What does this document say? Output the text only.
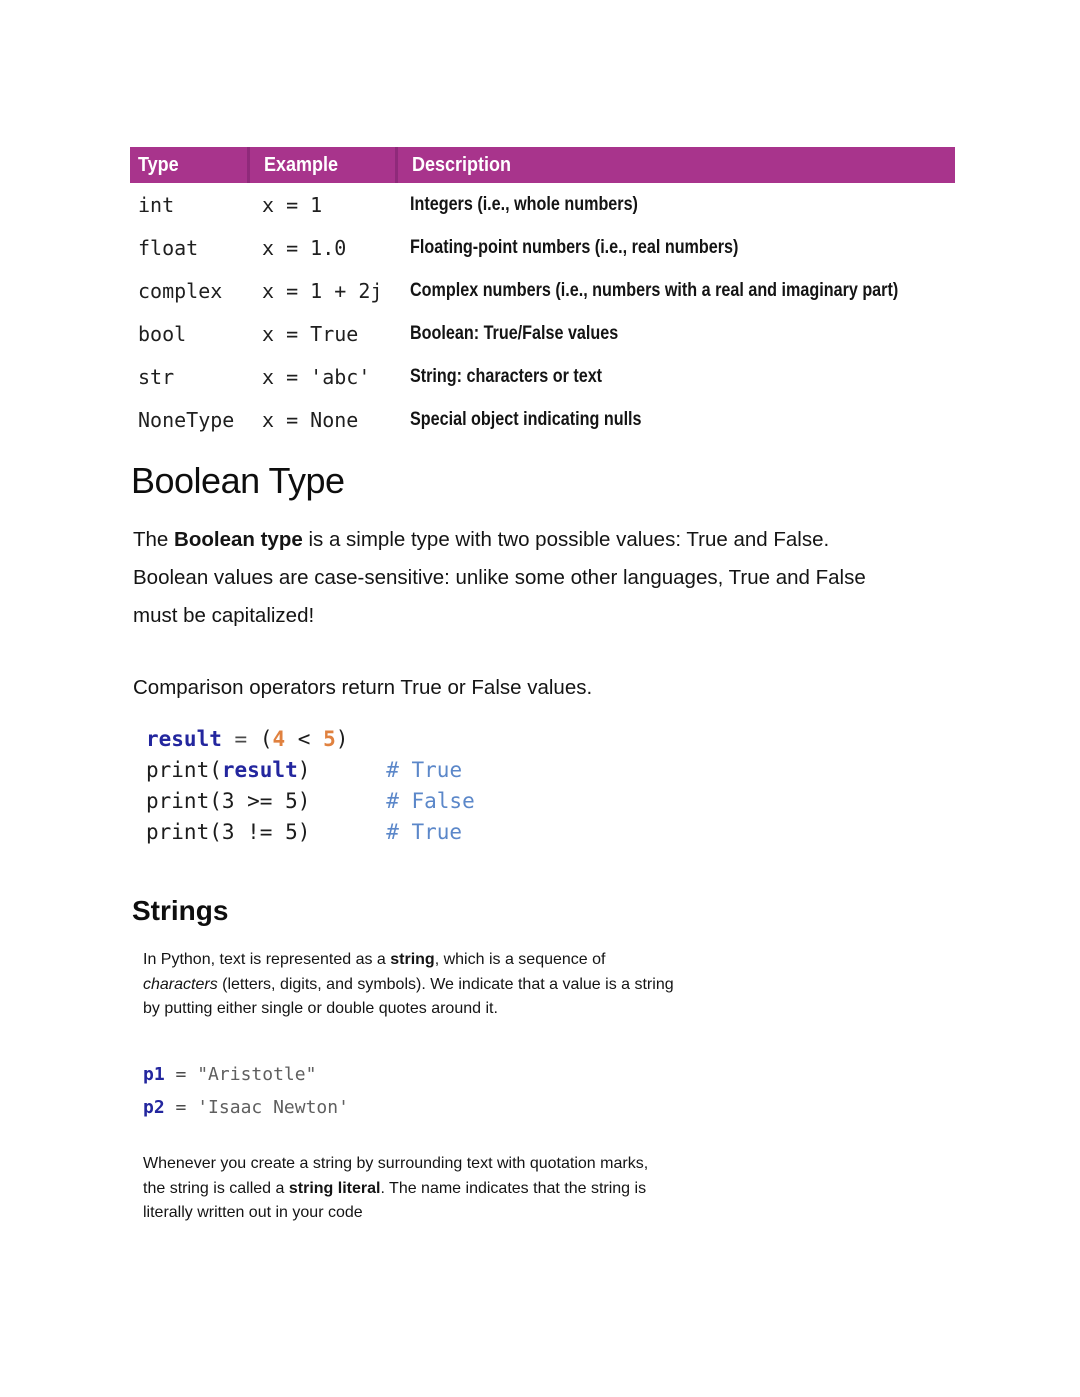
Type	Example	Description
int	x = 1	Integers (i.e., whole numbers)
float	x = 1.0	Floating-point numbers (i.e., real numbers)
complex	x = 1 + 2j	Complex numbers (i.e., numbers with a real and imaginary part)
bool	x = True	Boolean: True/False values
str	x = 'abc'	String: characters or text
NoneType	x = None	Special object indicating nulls
Boolean Type
The Boolean type is a simple type with two possible values: True and False.
Boolean values are case-sensitive: unlike some other languages, True and False
must be capitalized!
Comparison operators return True or False values.
result = (4 < 5)
print(result)      # True
print(3 >= 5)      # False
print(3 != 5)      # True
Strings
In Python, text is represented as a string, which is a sequence of
characters (letters, digits, and symbols). We indicate that a value is a string
by putting either single or double quotes around it.
p1 = "Aristotle"
p2 = 'Isaac Newton'
Whenever you create a string by surrounding text with quotation marks,
the string is called a string literal. The name indicates that the string is
literally written out in your code
